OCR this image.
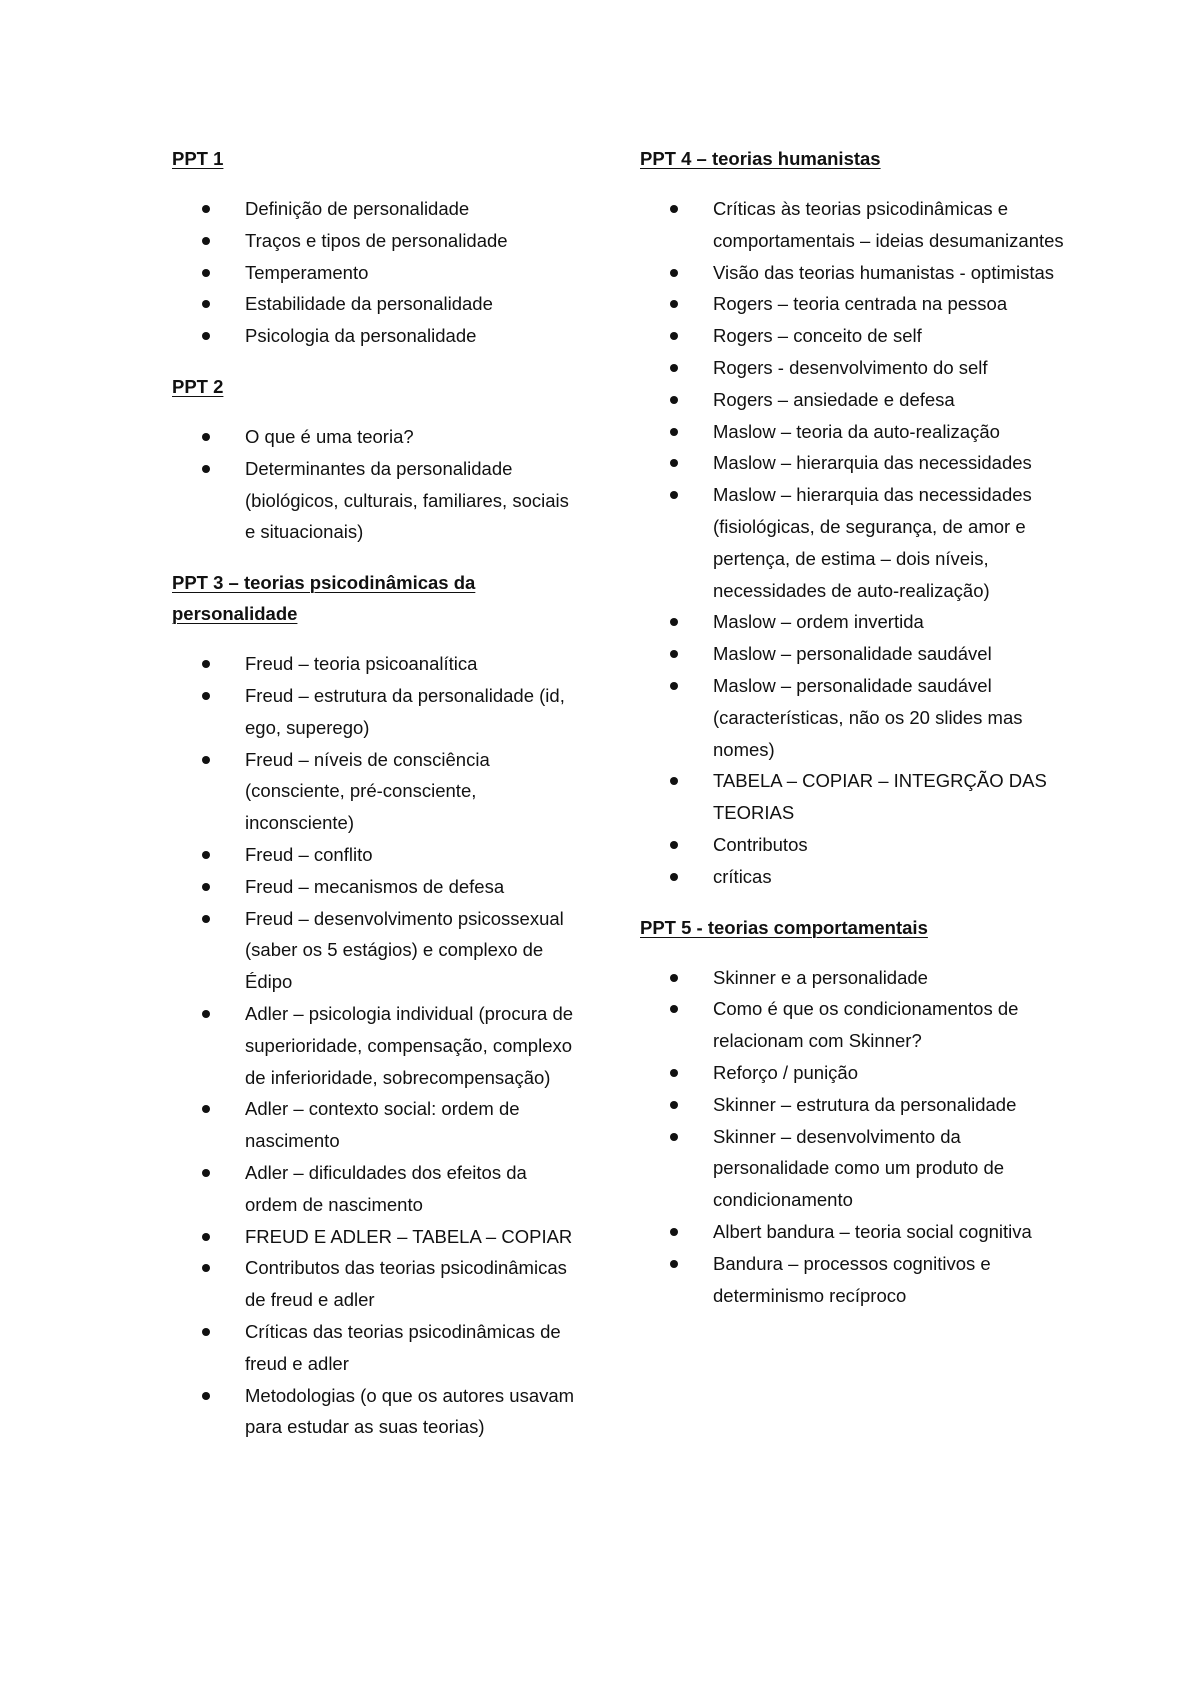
PPT 1
Definição de personalidade
Traços e tipos de personalidade
Temperamento
Estabilidade da personalidade
Psicologia da personalidade
PPT 2
O que é uma teoria?
Determinantes da personalidade (biológicos, culturais, familiares, sociais e situacionais)
PPT 3 – teorias psicodinâmicas da personalidade
Freud – teoria psicoanalítica
Freud – estrutura da personalidade (id, ego, superego)
Freud – níveis de consciência (consciente, pré-consciente, inconsciente)
Freud – conflito
Freud – mecanismos de defesa
Freud – desenvolvimento psicossexual (saber os 5 estágios) e complexo de Édipo
Adler – psicologia individual (procura de superioridade, compensação, complexo de inferioridade, sobrecompensação)
Adler – contexto social: ordem de nascimento
Adler – dificuldades dos efeitos da ordem de nascimento
FREUD E ADLER – TABELA – COPIAR
Contributos das teorias psicodinâmicas de freud e adler
Críticas das teorias psicodinâmicas de freud e adler
Metodologias (o que os autores usavam para estudar as suas teorias)
PPT 4 – teorias humanistas
Críticas às teorias psicodinâmicas e comportamentais – ideias desumanizantes
Visão das teorias humanistas - optimistas
Rogers – teoria centrada na pessoa
Rogers – conceito de self
Rogers - desenvolvimento do self
Rogers – ansiedade e defesa
Maslow – teoria da auto-realização
Maslow – hierarquia das necessidades
Maslow – hierarquia das necessidades (fisiológicas, de segurança, de amor e pertença, de estima – dois níveis, necessidades de auto-realização)
Maslow – ordem invertida
Maslow – personalidade saudável
Maslow – personalidade saudável (características, não os 20 slides mas nomes)
TABELA – COPIAR – INTEGRÇÃO DAS TEORIAS
Contributos
críticas
PPT 5 - teorias comportamentais
Skinner e a personalidade
Como é que os condicionamentos de relacionam com Skinner?
Reforço / punição
Skinner – estrutura da personalidade
Skinner – desenvolvimento da personalidade como um produto de condicionamento
Albert bandura – teoria social cognitiva
Bandura – processos cognitivos e determinismo recíproco
